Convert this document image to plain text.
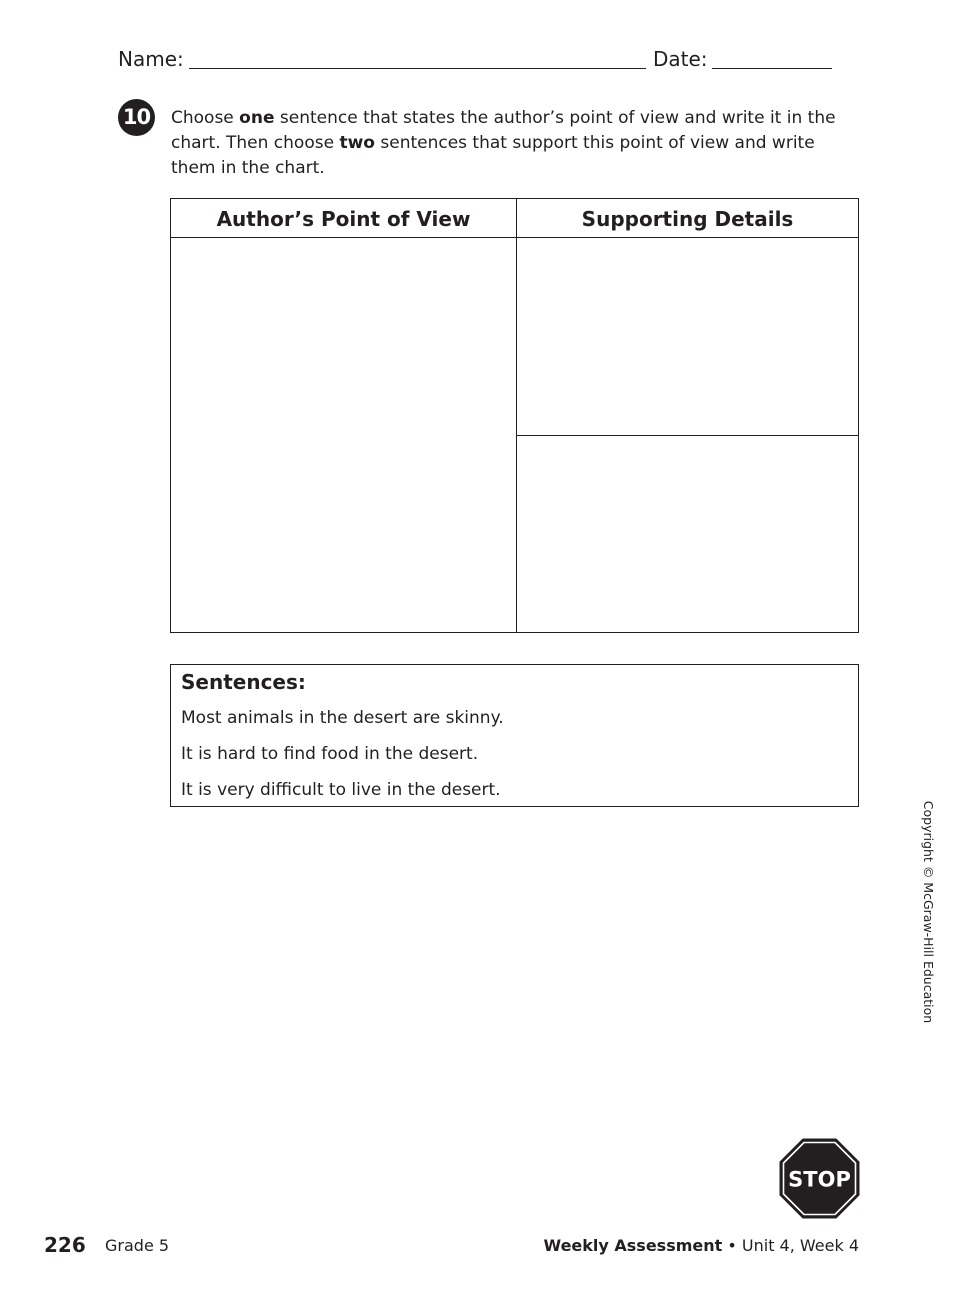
Name:	Date:
10 Choose one sentence that states the author’s point of view and write it in the chart. Then choose two sentences that support this point of view and write them in the chart.
Author’s Point of View	Supporting Details
Sentences:
Most animals in the desert are skinny.
It is hard to find food in the desert.
It is very difficult to live in the desert.
Copyright © McGraw-Hill Education
STOP
226 Grade 5	Weekly Assessment • Unit 4, Week 4
